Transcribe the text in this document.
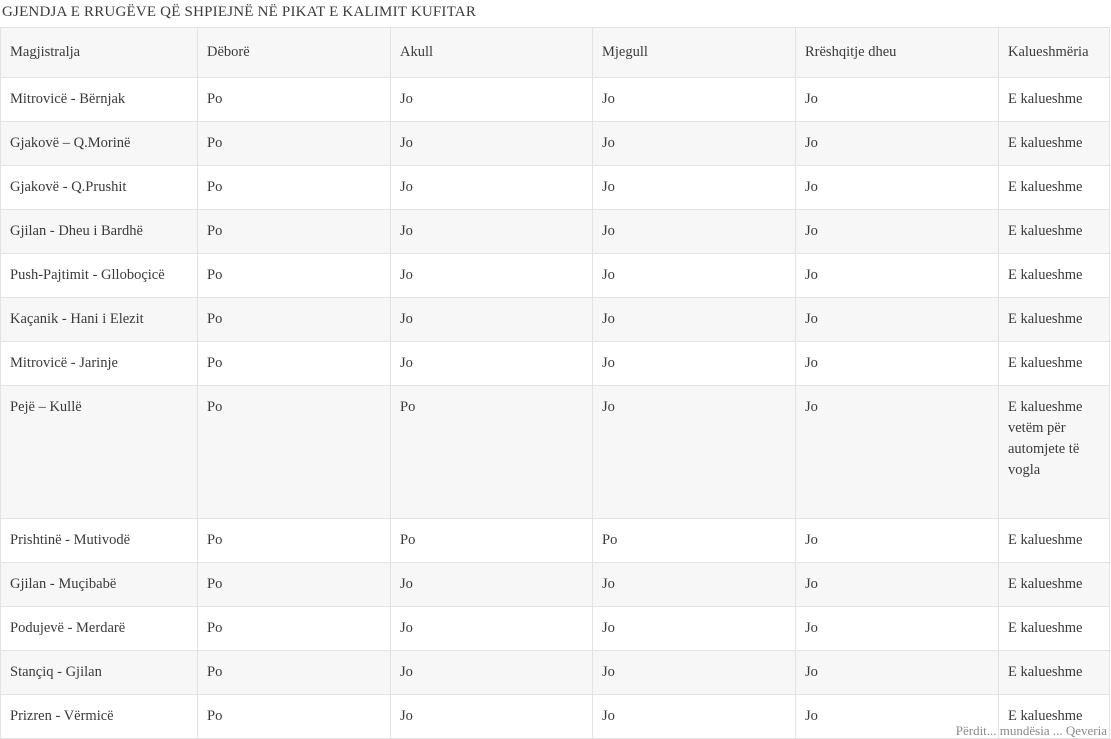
GJENDJA E RRUGËVE QË SHPIEJNË NË PIKAT E KALIMIT KUFITAR
Magjistralja	Dëborë	Akull	Mjegull	Rrëshqitje dheu	Kalueshmëria
Mitrovicë - Bërnjak	Po	Jo	Jo	Jo	E kalueshme
Gjakovë – Q.Morinë	Po	Jo	Jo	Jo	E kalueshme
Gjakovë - Q.Prushit	Po	Jo	Jo	Jo	E kalueshme
Gjilan - Dheu i Bardhë	Po	Jo	Jo	Jo	E kalueshme
Push-Pajtimit - Glloboçicë	Po	Jo	Jo	Jo	E kalueshme
Kaçanik - Hani i Elezit	Po	Jo	Jo	Jo	E kalueshme
Mitrovicë - Jarinje	Po	Jo	Jo	Jo	E kalueshme
Pejë – Kullë	Po	Po	Jo	Jo	E kalueshme vetëm për automjete të vogla
Prishtinë - Mutivodë	Po	Po	Po	Jo	E kalueshme
Gjilan - Muçibabë	Po	Jo	Jo	Jo	E kalueshme
Podujevë - Merdarë	Po	Jo	Jo	Jo	E kalueshme
Stançiq - Gjilan	Po	Jo	Jo	Jo	E kalueshme
Prizren - Vërmicë	Po	Jo	Jo	Jo	E kalueshme
Përdit... mundësia ... Qeveria
